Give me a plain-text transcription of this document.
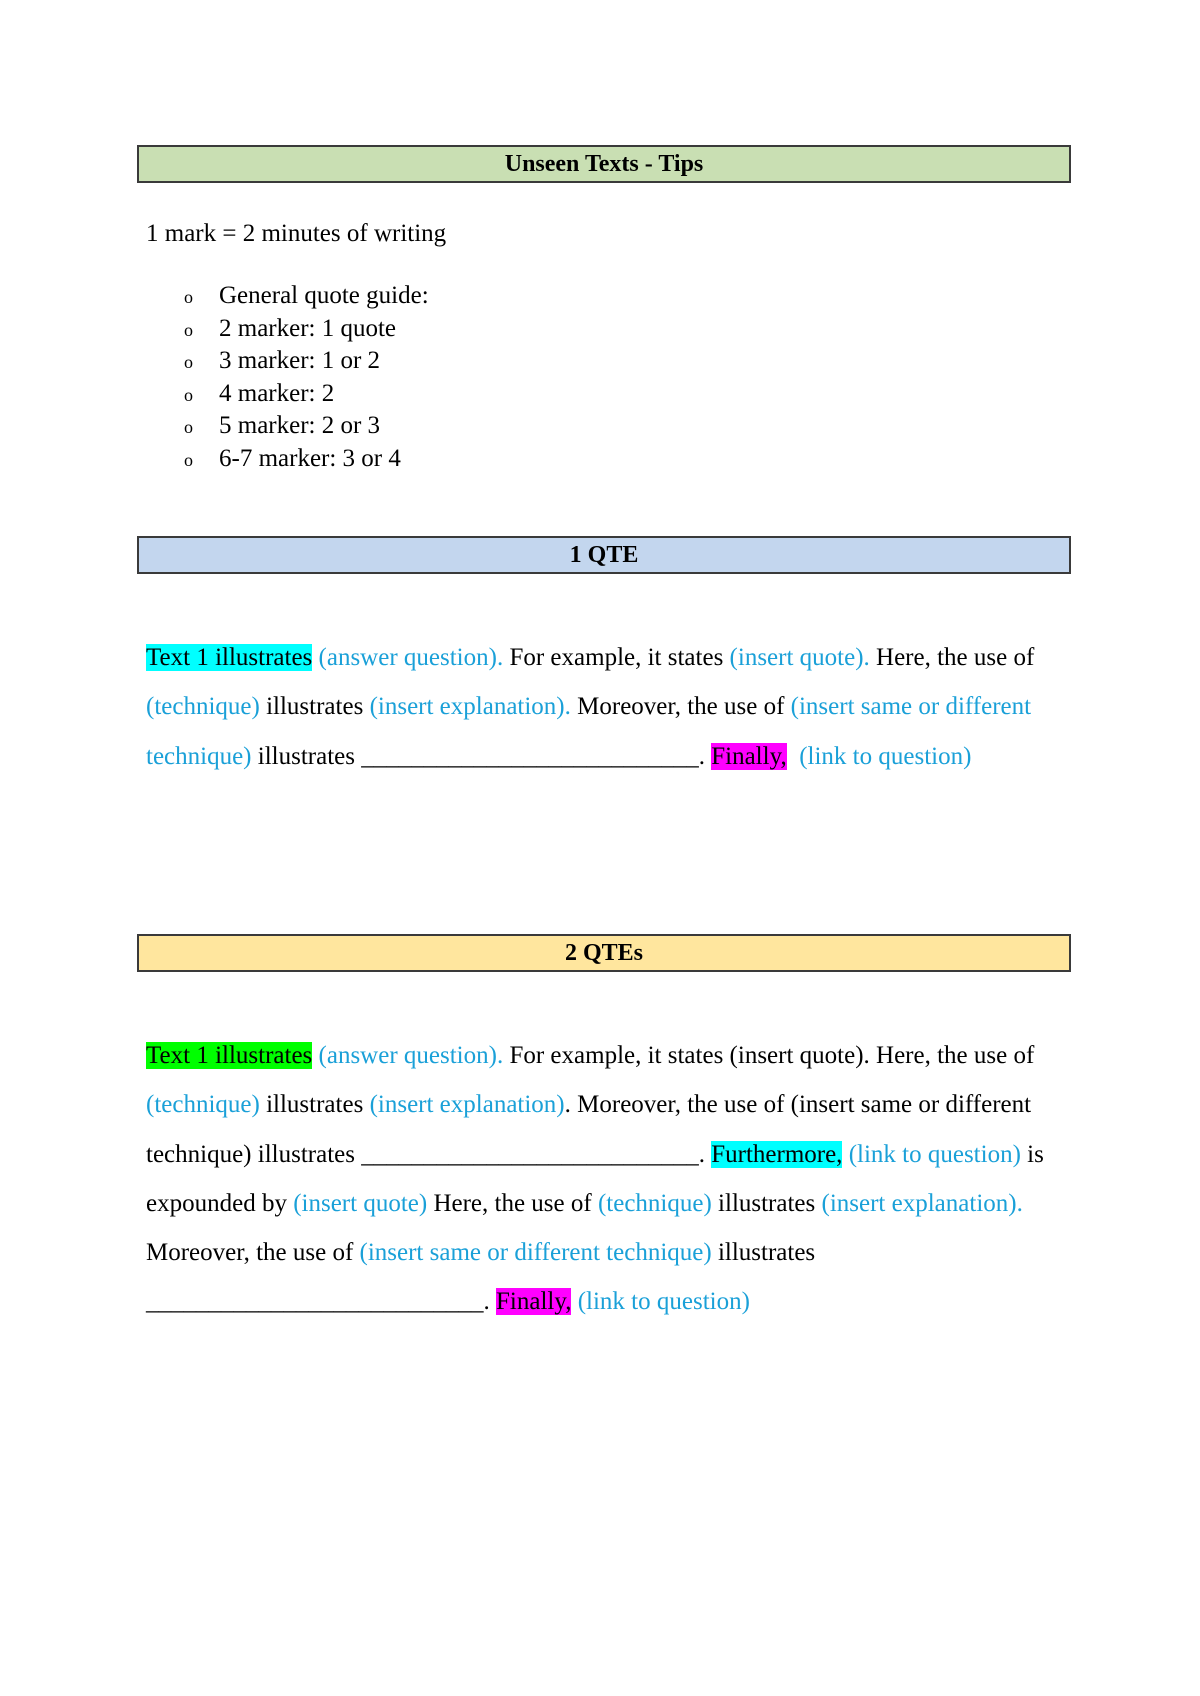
Unseen Texts - Tips

1 mark = 2 minutes of writing

o General quote guide:
o 2 marker: 1 quote
o 3 marker: 1 or 2
o 4 marker: 2
o 5 marker: 2 or 3
o 6-7 marker: 3 or 4
1 QTE

Text 1 illustrates (answer question). For example, it states (insert quote). Here, the use of (technique) illustrates (insert explanation). Moreover, the use of (insert same or different technique) illustrates ___________________________. Finally,  (link to question)

2 QTEs

Text 1 illustrates (answer question). For example, it states (insert quote). Here, the use of (technique) illustrates (insert explanation). Moreover, the use of (insert same or different technique) illustrates ___________________________. Furthermore, (link to question) is expounded by (insert quote) Here, the use of (technique) illustrates (insert explanation). Moreover, the use of (insert same or different technique) illustrates ___________________________. Finally, (link to question)
